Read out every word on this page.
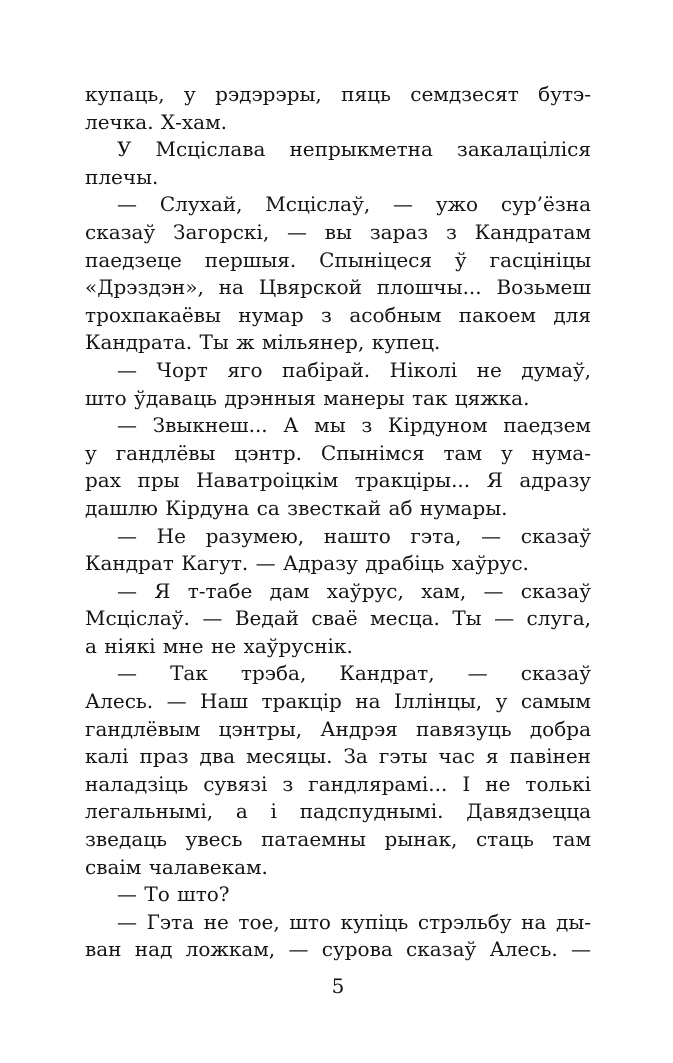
купаць, у рэдэрэры, пяць семдзесят бутэ-
лечка. Х-хам.
У Мсціслава непрыкметна закалаціліся
плечы.
— Слухай, Мсціслаў, — ужо сур’ёзна
сказаў Загорскі, — вы зараз з Кандратам
паедзеце першыя. Спыніцеся ў гасцініцы
«Дрэздэн», на Цвярской плошчы... Возьмеш
трохпакаёвы нумар з асобным пакоем для
Кандрата. Ты ж мільянер, купец.
— Чорт яго пабірай. Ніколі не думаў,
што ўдаваць дрэнныя манеры так цяжка.
— Звыкнеш... А мы з Кірдуном паедзем
у гандлёвы цэнтр. Спынімся там у нума-
рах пры Наватроіцкім тракціры... Я адразу
дашлю Кірдуна са звесткай аб нумары.
— Не разумею, нашто гэта, — сказаў
Кандрат Кагут. — Адразу драбіць хаўрус.
— Я т-табе дам хаўрус, хам, — сказаў
Мсціслаў. — Ведай сваё месца. Ты — слуга,
а ніякі мне не хаўруснік.
— Так трэба, Кандрат, — сказаў
Алесь. — Наш тракцір на Іллінцы, у самым
гандлёвым цэнтры, Андрэя павязуць добра
калі праз два месяцы. За гэты час я павінен
наладзіць сувязі з гандлярамі... І не толькі
легальнымі, а і падспуднымі. Давядзецца
зведаць увесь патаемны рынак, стаць там
сваім чалавекам.
— То што?
— Гэта не тое, што купіць стрэльбу на ды-
ван над ложкам, — сурова сказаў Алесь. —
5
